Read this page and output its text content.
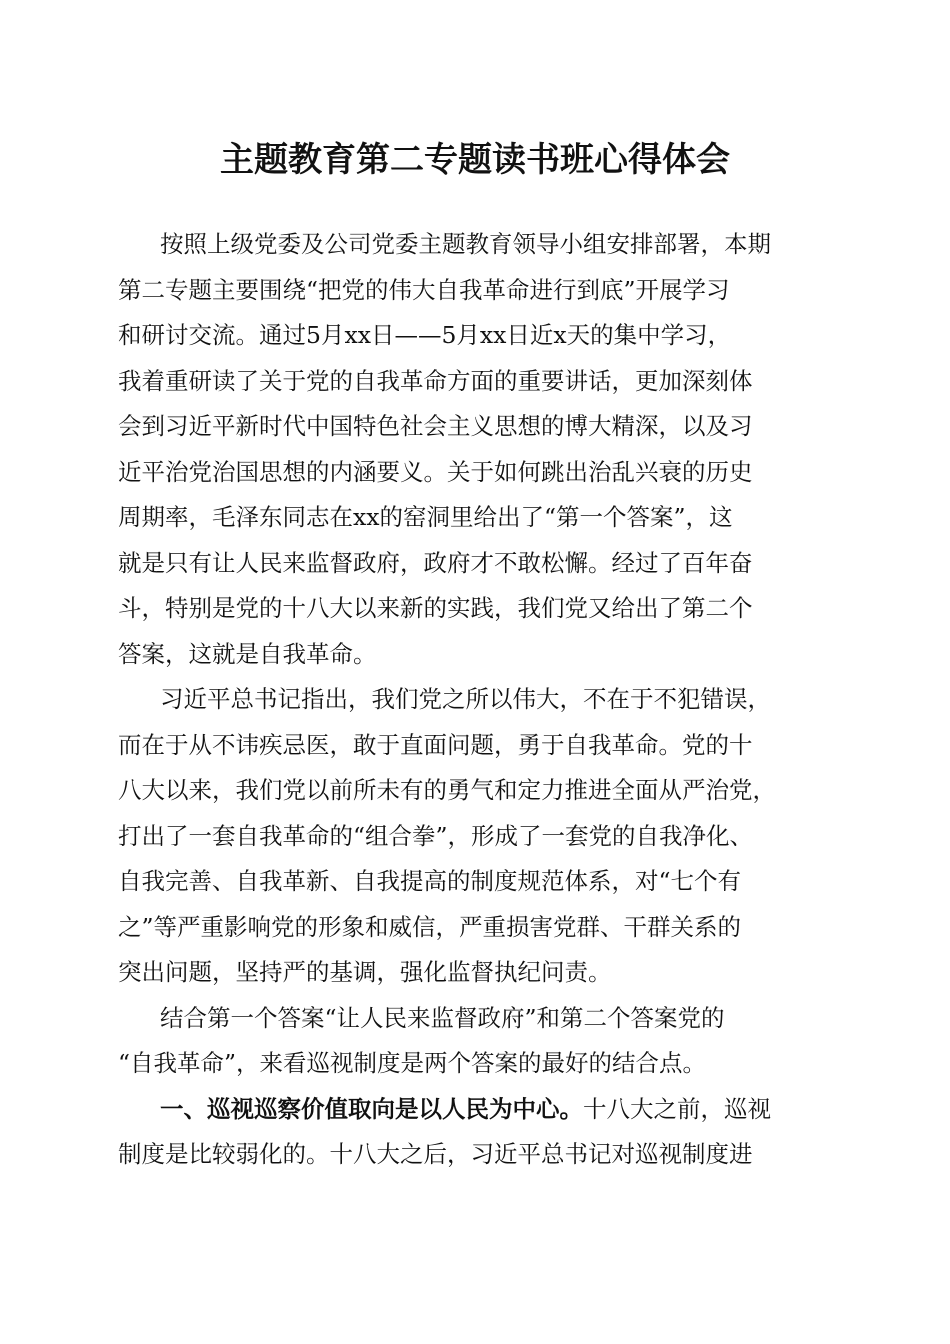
主题教育第二专题读书班心得体会

按照上级党委及公司党委主题教育领导小组安排部署，本期
第二专题主要围绕“把党的伟大自我革命进行到底”开展学习
和研讨交流。通过5月xx日——5月xx日近x天的集中学习，
我着重研读了关于党的自我革命方面的重要讲话，更加深刻体
会到习近平新时代中国特色社会主义思想的博大精深，以及习
近平治党治国思想的内涵要义。关于如何跳出治乱兴衰的历史
周期率，毛泽东同志在xx的窑洞里给出了“第一个答案”，这
就是只有让人民来监督政府，政府才不敢松懈。经过了百年奋
斗，特别是党的十八大以来新的实践，我们党又给出了第二个
答案，这就是自我革命。

习近平总书记指出，我们党之所以伟大，不在于不犯错误，
而在于从不讳疾忌医，敢于直面问题，勇于自我革命。党的十
八大以来，我们党以前所未有的勇气和定力推进全面从严治党，
打出了一套自我革命的“组合拳”，形成了一套党的自我净化、
自我完善、自我革新、自我提高的制度规范体系，对“七个有
之”等严重影响党的形象和威信，严重损害党群、干群关系的
突出问题，坚持严的基调，强化监督执纪问责。

结合第一个答案“让人民来监督政府”和第二个答案党的
“自我革命”，来看巡视制度是两个答案的最好的结合点。

一、巡视巡察价值取向是以人民为中心。十八大之前，巡视
制度是比较弱化的。十八大之后，习近平总书记对巡视制度进
